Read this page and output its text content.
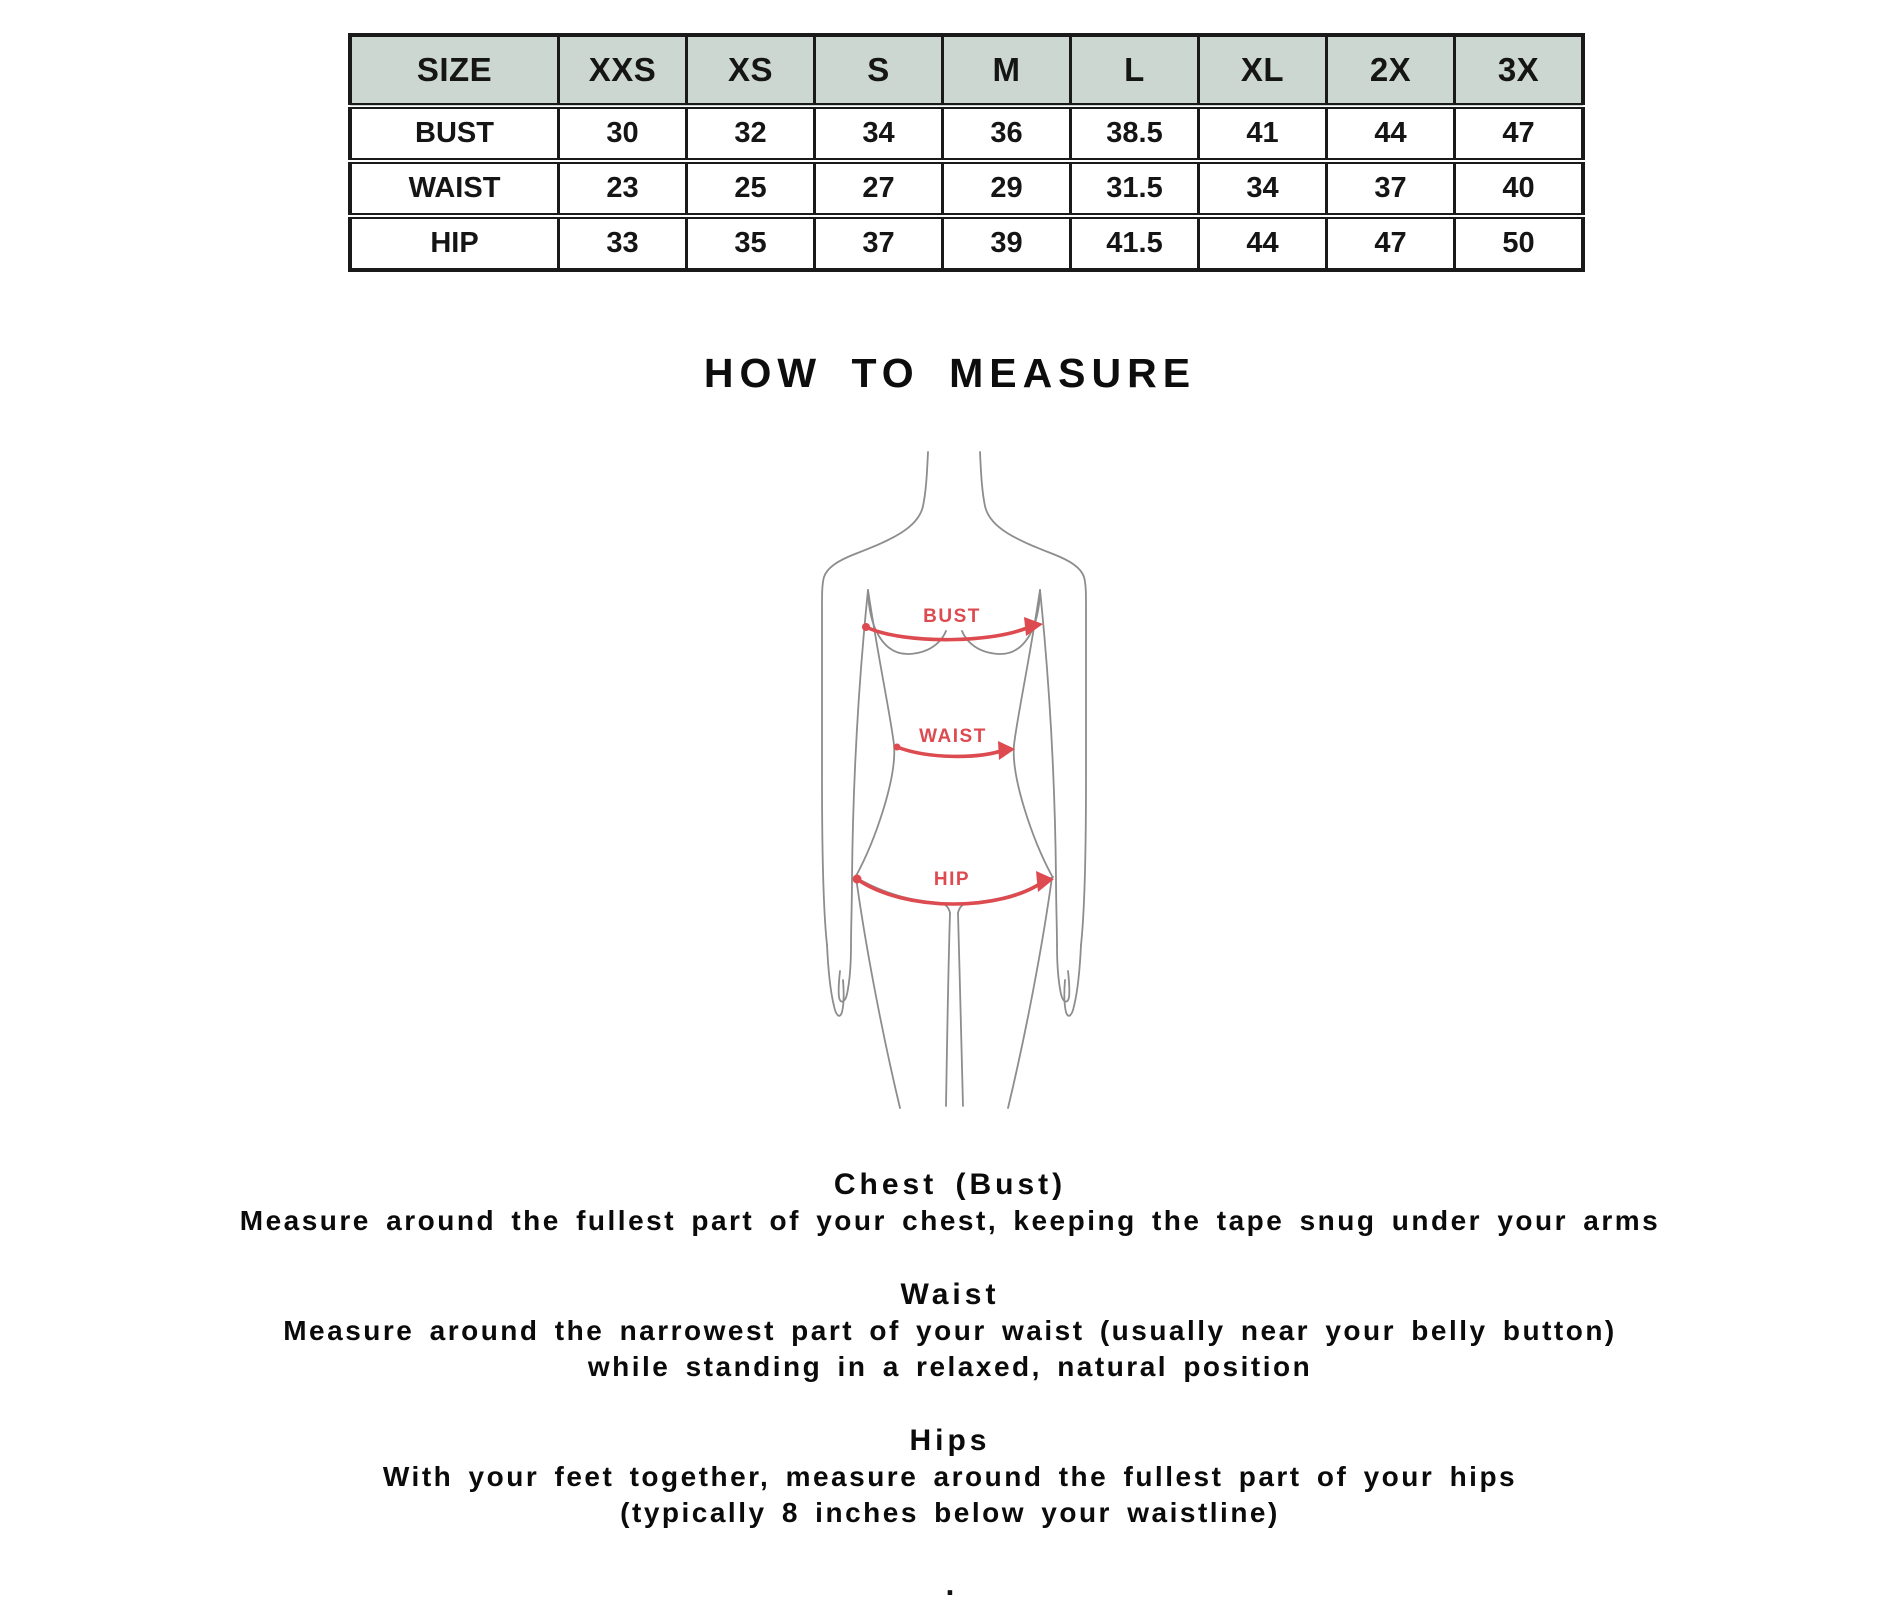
SIZE	XXS	XS	S	M	L	XL	2X	3X
BUST	30	32	34	36	38.5	41	44	47
WAIST	23	25	27	29	31.5	34	37	40
HIP	33	35	37	39	41.5	44	47	50
HOW TO MEASURE
BUST
WAIST
HIP
Chest (Bust)
Measure around the fullest part of your chest, keeping the tape snug under your arms
Waist
Measure around the narrowest part of your waist (usually near your belly button)
while standing in a relaxed, natural position
Hips
With your feet together, measure around the fullest part of your hips
(typically 8 inches below your waistline)
.
